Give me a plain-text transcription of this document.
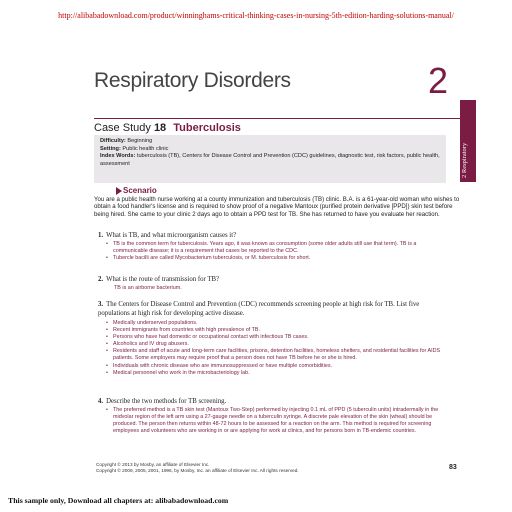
http://alibabadownload.com/product/winninghams-critical-thinking-cases-in-nursing-5th-edition-harding-solutions-manual/
Respiratory Disorders	2
2 Respiratory
Case Study 18 Tuberculosis
Difficulty: Beginning
Setting: Public health clinic
Index Words: tuberculosis (TB), Centers for Disease Control and Prevention (CDC) guidelines, diagnostic test, risk factors, public health, assessment
Scenario
You are a public health nurse working at a county immunization and tuberculosis (TB) clinic. B.A. is a 61-year-old woman who wishes to obtain a food handler's license and is required to show proof of a negative Mantoux (purified protein derivative [PPD]) skin test before being hired. She came to your clinic 2 days ago to obtain a PPD test for TB. She has returned to have you evaluate her reaction.
1. What is TB, and what microorganism causes it?
• TB is the common term for tuberculosis. Years ago, it was known as consumption (some older adults still use that term). TB is a communicable disease; it is a requirement that cases be reported to the CDC.
• Tubercle bacilli are called Mycobacterium tuberculosis, or M. tuberculosis for short.
2. What is the route of transmission for TB?
TB is an airborne bacterium.
3. The Centers for Disease Control and Prevention (CDC) recommends screening people at high risk for TB. List five populations at high risk for developing active disease.
• Medically underserved populations.
• Recent immigrants from countries with high prevalence of TB.
• Persons who have had domestic or occupational contact with infectious TB cases.
• Alcoholics and IV drug abusers.
• Residents and staff of acute and long-term care facilities, prisons, detention facilities, homeless shelters, and residential facilities for AIDS patients. Some employers may require proof that a person does not have TB before he or she is hired.
• Individuals with chronic disease who are immunosuppressed or have multiple comorbidities.
• Medical personnel who work in the microbacteriology lab.
4. Describe the two methods for TB screening.
• The preferred method is a TB skin test (Mantoux Two-Step) performed by injecting 0.1 mL of PPD (5 tuberculin units) intradermally in the midvolar region of the left arm using a 27-gauge needle on a tuberculin syringe. A discrete pale elevation of the skin (wheal) should be produced. The person then returns within 48-72 hours to be assessed for a reaction on the arm. This method is required for screening employees and volunteers who are working in or are applying for work at clinics, and for persons born in TB-endemic countries.
Copyright © 2013 by Mosby, an affiliate of Elsevier Inc.
Copyright © 2009, 2005, 2001, 1996, by Mosby, Inc. an affiliate of Elsevier Inc. All rights reserved.	83
This sample only, Download all chapters at: alibabadownload.com
